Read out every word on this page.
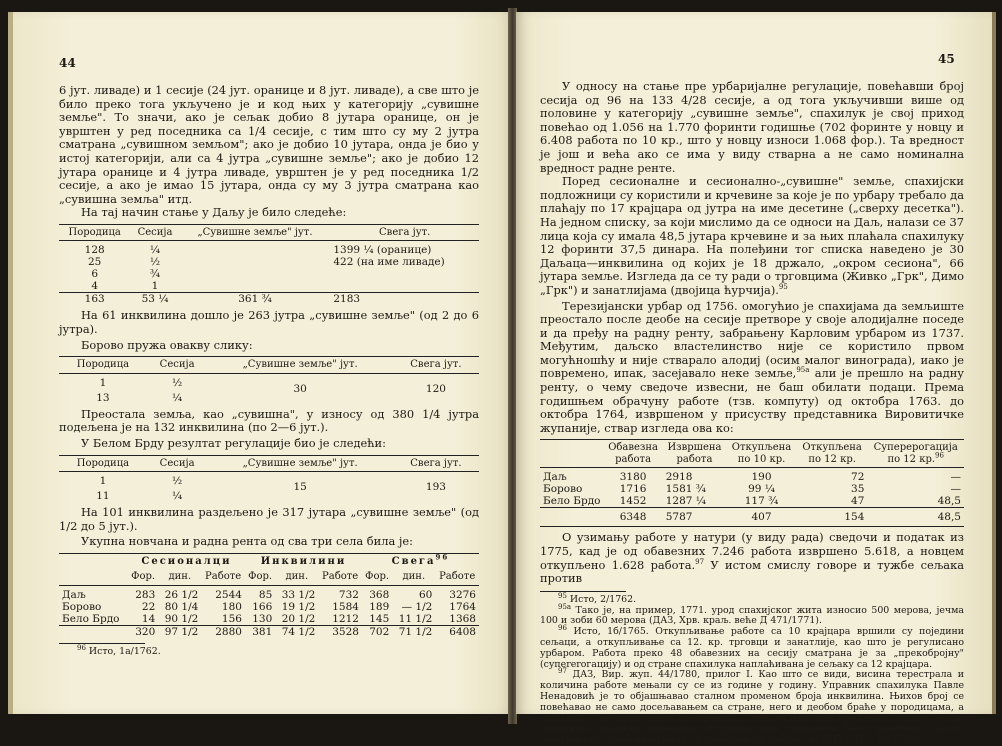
44

6 јут. ливаде) и 1 сесије (24 јут. оранице и 8 јут. ливаде), а све што је било преко тога укључено је и код њих у категорију „сувишне земље". То значи, ако је сељак добио 8 јутара оранице, он је уврштен у ред поседника са 1/4 сесије, с тим што су му 2 јутра сматрана „сувишном земљом"; ако је добио 10 јутара, онда је био у истој категорији, али са 4 јутра „сувишне земље"; ако је добио 12 јутара оранице и 4 јутра ливаде, уврштен је у ред поседника 1/2 сесије, а ако је имао 15 јутара, онда су му 3 јутра сматрана као „сувишна земља" итд.

На тај начин стање у Даљу је било следеће:

Породица	Сесија	„Сувишне земље" јут.	Свега јут.
128	¼		1399 ¼ (оранице)
25	½		422 (на име ливаде)
6	¾		
4	1		
163	53 ¼	361 ¾	2183

На 61 инквилина дошло је 263 јутра „сувишне земље" (од 2 до 6 јутра).

Борово пружа овакву слику:

Породица	Сесија	„Сувишне земље" јут.	Свега јут.
1	½	30	120
13	¼		

Преостала земља, као „сувишна", у износу од 380 1/4 јутра подељена је на 132 инквилина (по 2—6 јут.).

У Белом Брду резултат регулације био је следећи:

Породица	Сесија	„Сувишне земље" јут.	Свега јут.
1	½	15	193
11	¼		

На 101 инквилина раздељено је 317 јутара „сувишне земље" (од 1/2 до 5 јут.).

Укупна новчана и радна рента од сва три села била је:

	Сесионалци			Инквилини			Свега$^{96}$
	Фор.	дин.	Работе	Фор.	дин.	Работе	Фор.	дин.	Работе
Даљ	283	26 1/2	2544	85	33 1/2	732	368	60	3276
Борово	22	80 1/4	180	166	19 1/2	1584	189	— 1/2	1764
Бело Брдо	14	90 1/2	156	130	20 1/2	1212	145	11 1/2	1368
	320	97 1/2	2880	381	74 1/2	3528	702	71 1/2	6408

$^{96}$ Исто, 1а/1762.

45

У односу на стање пре урбаријалне регулације, повећавши број сесија од 96 на 133 4/28 сесије, а од тога укључивши више од половине у категорију „сувишне земље", спахилук је свој приход повећао од 1.056 на 1.770 форинти годишње (702 форинте у новцу и 6.408 работа по 10 кр., што у новцу износи 1.068 фор.). Та вредност је још и већа ако се има у виду стварна а не само номинална вредност радне ренте.

Поред сесионалне и сесионално-„сувишне" земље, спахијски подложници су користили и крчевине за које је по урбару требало да плаћају по 17 крајцара од јутра на име десетине („сверху десетка"). На једном списку, за који мислимо да се односи на Даљ, налази се 37 лица која су имала 48,5 јутара крчевине и за њих плаћала спахилуку 12 форинти 37,5 динара. На полеђини тог списка наведено је 30 Даљаца—инквилина од којих је 18 држало, „окром сесиона", 66 јутара земље. Изгледа да се ту ради о трговцима (Живко „Грк", Димо „Грк") и занатлијама (двојица ћурчија).$^{95}$

Терезијански урбар од 1756. омогућио је спахијама да земљиште преостало после деобе на сесије претворе у своје алодијалне поседе и да пређу на радну ренту, забрањену Карловим урбаром из 1737. Међутим, даљско властелинство није се користило првом могућношћу и није стварало алодиј (осим малог винограда), иако је повремено, ипак, засејавало неке земље,$^{95а}$ али је прешло на радну ренту, о чему сведоче извесни, не баш обилати подаци. Према годишњем обрачуну работе (тзв. компуту) од октобра 1763. до октобра 1764, извршеном у присуству представника Вировитичке жупаније, ствар изгледа ова ко:

	Обавезна работа	Извршена работа	Откупљена по 10 кр.	Откупљена по 12 кр.	Суперерогација по 12 кр.$^{96}$
Даљ	3180	2918	190	72	—
Борово	1716	1581 ¾	99 ¼	35	—
Бело Брдо	1452	1287 ¼	117 ¾	47	48,5
	6348	5787	407	154	48,5

О узимању работе у натури (у виду рада) сведочи и податак из 1775, кад је од обавезних 7.246 работа извршено 5.618, а новцем откупљено 1.628 работа.$^{97}$ У истом смислу говоре и тужбе сељака против

$^{95}$ Исто, 2/1762.

$^{95а}$ Тако је, на пример, 1771. урод спахијског жита износио 500 мерова, јечма 100 и зоби 60 мерова (ДАЗ, Хрв. краљ. веће Д 471/1771).

$^{96}$ Исто, 1б/1765. Откупљивање работе са 10 крајцара вршили су поједини сељаци, а откупљивање са 12. кр. трговци и занатлије, као што је регулисано урбаром. Работа преко 48 обавезних на сесију сматрана је за „прекобројну" (супererогацију) и од стране спахилука наплаћивана је сељаку са 12 крајцара.

$^{97}$ ДАЗ, Вир. жуп. 44/1780, прилог I. Као што се види, висина терестрала и количина работе мењали су се из године у годину. Управник спахилука Павле Ненадовић је то објашњавао сталном променом броја инквилина. Њихов број се повећавао не само досељавањем са стране, него и деобом браће у породицама, а смањивао реемигрирањем досељеника, односно њиховим преласком у друга села, поновним спајањем подељених породица или умирањем. Кнез, кметови и други општински службеници били су слободни од работе (АСАНУК „Б", 10/1780).
